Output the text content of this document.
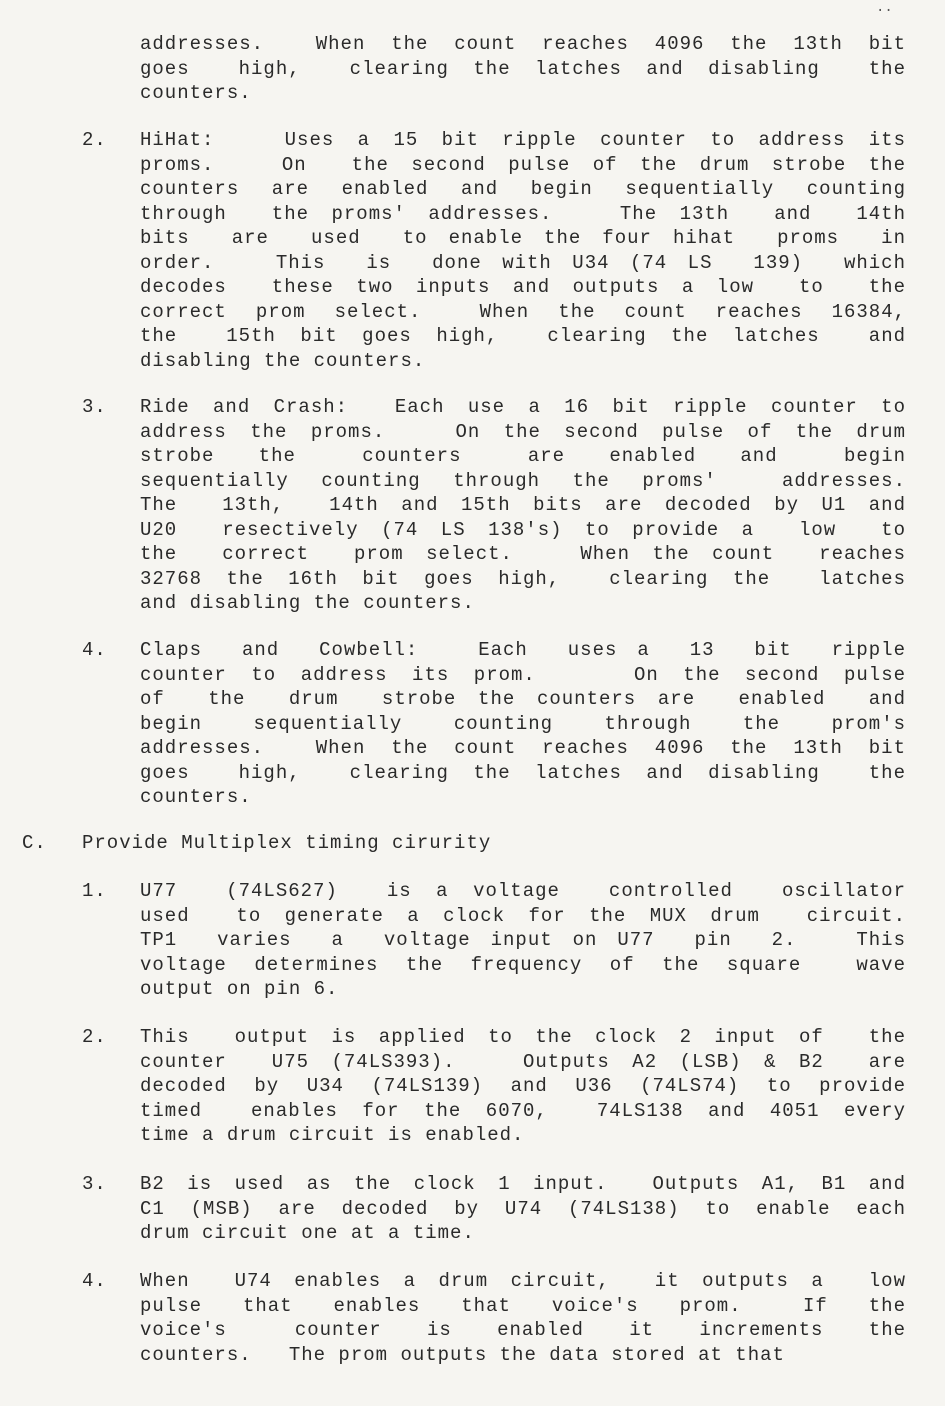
..
addresses.  When the count reaches 4096 the 13th bit
goes  high,  clearing the latches and disabling  the
counters.
2. HiHat:   Uses a 15 bit ripple counter to address its
proms.   On  the second pulse of the drum strobe the
counters are enabled and begin sequentially counting
through  the proms' addresses.   The 13th  and  14th
bits  are  used  to enable the four hihat  proms  in
order.   This  is  done with U34 (74 LS  139)  which
decodes  these two inputs and outputs a low  to  the
correct prom select.  When the count reaches 16384,
the  15th bit goes high,  clearing the latches  and
disabling the counters.
3. Ride and Crash:  Each use a 16 bit ripple counter to
address the proms.   On the second pulse of the drum
strobe  the   counters   are  enabled  and   begin
sequentially counting through the proms'  addresses.
The  13th,  14th and 15th bits are decoded by U1 and
U20  resectively (74 LS 138's) to provide a  low  to
the  correct  prom select.   When the count  reaches
32768 the 16th bit goes high,  clearing the  latches
and disabling the counters.
4. Claps  and  Cowbell:   Each  uses a  13  bit  ripple
counter to address its prom.    On the second pulse
of  the  drum  strobe the counters are  enabled  and
begin  sequentially  counting  through  the  prom's
addresses.  When the count reaches 4096 the 13th bit
goes  high,  clearing the latches and disabling  the
counters.
C. Provide Multiplex timing cirurity
1. U77  (74LS627)  is a voltage  controlled  oscillator
used  to generate a clock for the MUX drum  circuit.
TP1  varies  a  voltage input on U77  pin  2.   This
voltage determines the frequency of the square  wave
output on pin 6.
2. This  output is applied to the clock 2 input of  the
counter  U75 (74LS393).   Outputs A2 (LSB) & B2  are
decoded by U34 (74LS139) and U36 (74LS74) to provide
timed  enables for the 6070,  74LS138 and 4051 every
time a drum circuit is enabled.
3. B2 is used as the clock 1 input.  Outputs A1, B1 and
C1 (MSB) are decoded by U74 (74LS138) to enable each
drum circuit one at a time.
4. When  U74 enables a drum circuit,  it outputs a  low
pulse  that  enables  that  voice's  prom.   If  the
voice's   counter  is  enabled  it  increments  the
counters.   The prom outputs the data stored at that
